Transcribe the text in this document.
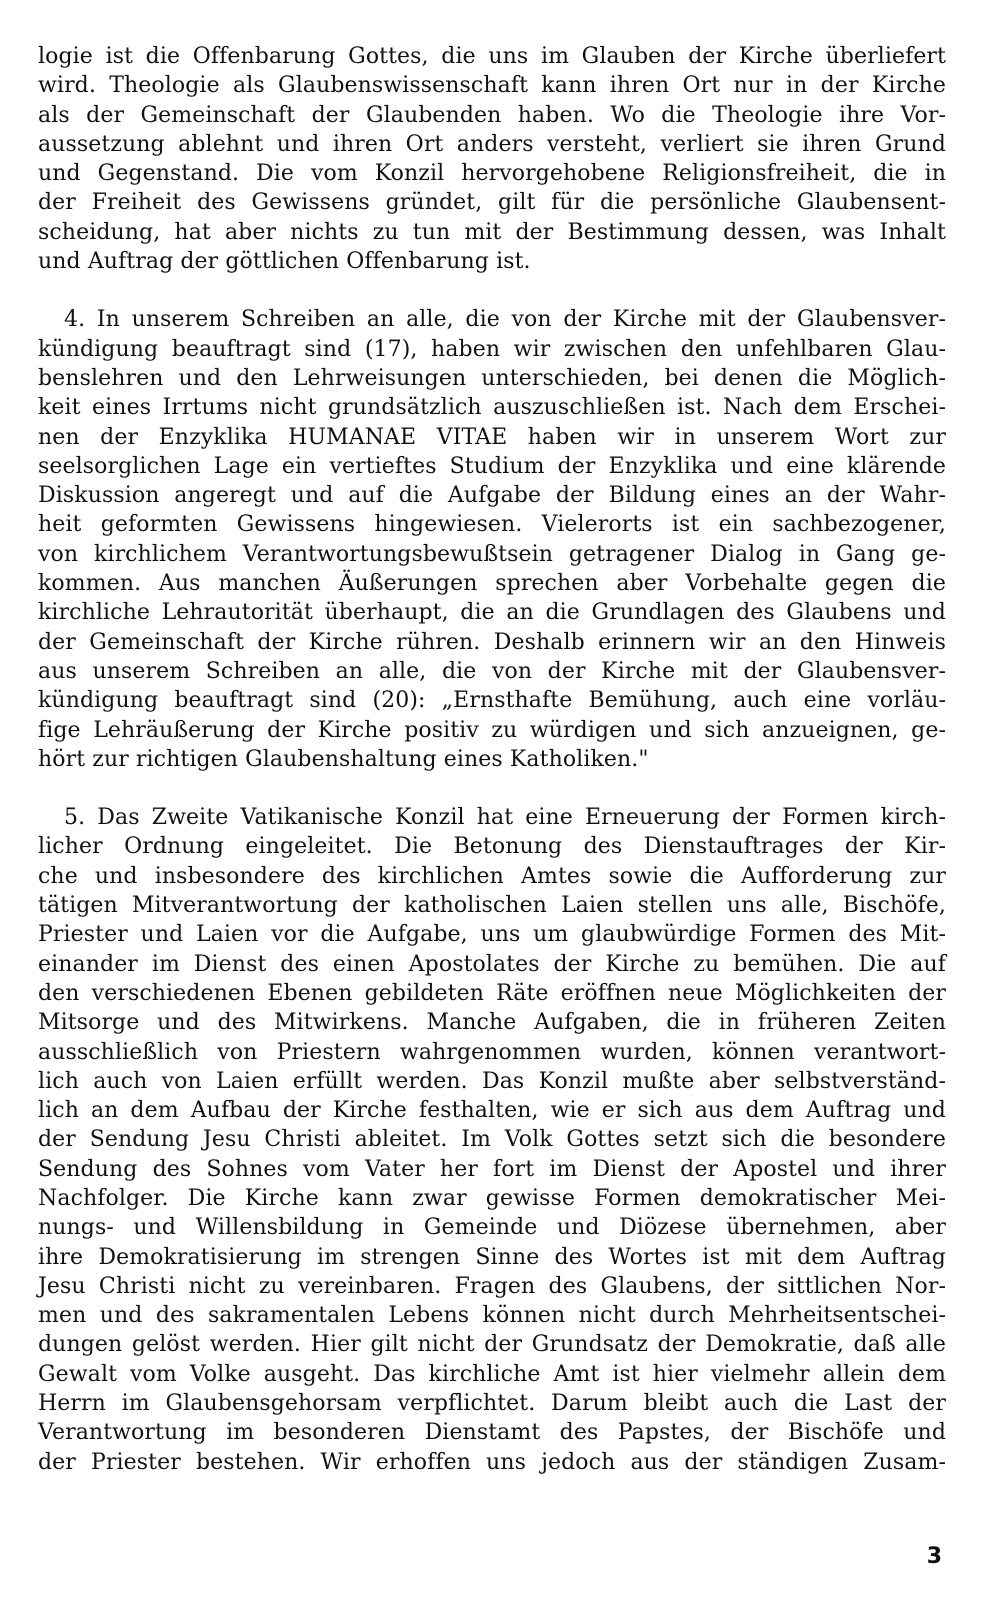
logie ist die Offenbarung Gottes, die uns im Glauben der Kirche überliefert
wird. Theologie als Glaubenswissenschaft kann ihren Ort nur in der Kirche
als der Gemeinschaft der Glaubenden haben. Wo die Theologie ihre Vor-
aussetzung ablehnt und ihren Ort anders versteht, verliert sie ihren Grund
und Gegenstand. Die vom Konzil hervorgehobene Religionsfreiheit, die in
der Freiheit des Gewissens gründet, gilt für die persönliche Glaubensent-
scheidung, hat aber nichts zu tun mit der Bestimmung dessen, was Inhalt
und Auftrag der göttlichen Offenbarung ist.
4. In unserem Schreiben an alle, die von der Kirche mit der Glaubensver-
kündigung beauftragt sind (17), haben wir zwischen den unfehlbaren Glau-
benslehren und den Lehrweisungen unterschieden, bei denen die Möglich-
keit eines Irrtums nicht grundsätzlich auszuschließen ist. Nach dem Erschei-
nen der Enzyklika HUMANAE VITAE haben wir in unserem Wort zur
seelsorglichen Lage ein vertieftes Studium der Enzyklika und eine klärende
Diskussion angeregt und auf die Aufgabe der Bildung eines an der Wahr-
heit geformten Gewissens hingewiesen. Vielerorts ist ein sachbezogener,
von kirchlichem Verantwortungsbewußtsein getragener Dialog in Gang ge-
kommen. Aus manchen Äußerungen sprechen aber Vorbehalte gegen die
kirchliche Lehrautorität überhaupt, die an die Grundlagen des Glaubens und
der Gemeinschaft der Kirche rühren. Deshalb erinnern wir an den Hinweis
aus unserem Schreiben an alle, die von der Kirche mit der Glaubensver-
kündigung beauftragt sind (20): „Ernsthafte Bemühung, auch eine vorläu-
fige Lehräußerung der Kirche positiv zu würdigen und sich anzueignen, ge-
hört zur richtigen Glaubenshaltung eines Katholiken."
5. Das Zweite Vatikanische Konzil hat eine Erneuerung der Formen kirch-
licher Ordnung eingeleitet. Die Betonung des Dienstauftrages der Kir-
che und insbesondere des kirchlichen Amtes sowie die Aufforderung zur
tätigen Mitverantwortung der katholischen Laien stellen uns alle, Bischöfe,
Priester und Laien vor die Aufgabe, uns um glaubwürdige Formen des Mit-
einander im Dienst des einen Apostolates der Kirche zu bemühen. Die auf
den verschiedenen Ebenen gebildeten Räte eröffnen neue Möglichkeiten der
Mitsorge und des Mitwirkens. Manche Aufgaben, die in früheren Zeiten
ausschließlich von Priestern wahrgenommen wurden, können verantwort-
lich auch von Laien erfüllt werden. Das Konzil mußte aber selbstverständ-
lich an dem Aufbau der Kirche festhalten, wie er sich aus dem Auftrag und
der Sendung Jesu Christi ableitet. Im Volk Gottes setzt sich die besondere
Sendung des Sohnes vom Vater her fort im Dienst der Apostel und ihrer
Nachfolger. Die Kirche kann zwar gewisse Formen demokratischer Mei-
nungs- und Willensbildung in Gemeinde und Diözese übernehmen, aber
ihre Demokratisierung im strengen Sinne des Wortes ist mit dem Auftrag
Jesu Christi nicht zu vereinbaren. Fragen des Glaubens, der sittlichen Nor-
men und des sakramentalen Lebens können nicht durch Mehrheitsentschei-
dungen gelöst werden. Hier gilt nicht der Grundsatz der Demokratie, daß alle
Gewalt vom Volke ausgeht. Das kirchliche Amt ist hier vielmehr allein dem
Herrn im Glaubensgehorsam verpflichtet. Darum bleibt auch die Last der
Verantwortung im besonderen Dienstamt des Papstes, der Bischöfe und
der Priester bestehen. Wir erhoffen uns jedoch aus der ständigen Zusam-
3
